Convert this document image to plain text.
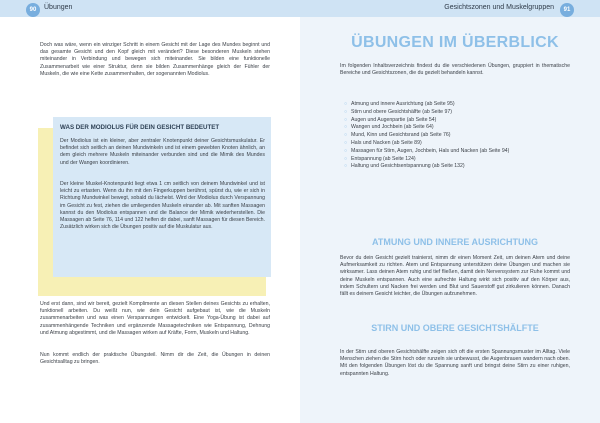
90	Übungen

Doch was wäre, wenn ein winziger Schritt in einem Gesicht mit der Lage des Mundes beginnt und das gesamte Gesicht und den Kopf gleich mit verändert? Diese besonderen Muskeln stehen miteinander in Verbindung und bewegen sich miteinander. Sie bilden eine funktionelle Zusammenarbeit wie einer Struktur, denn sie bilden Zusammenhänge gleich der Fühler der Muskeln, die wie eine Kette zusammenhalten, der sogenannten Modiolus.

WAS DER MODIOLUS FÜR DEIN GESICHT BEDEUTET

Der Modiolus ist ein kleiner, aber zentraler Knotenpunkt deiner Gesichtsmuskulatur. Er befindet sich seitlich an deinen Mundwinkeln und ist einem gewebten Knoten ähnlich, an dem gleich mehrere Muskeln miteinander verbunden sind und die Mimik des Mundes und der Wangen koordinieren.

Der kleine Muskel-Knotenpunkt liegt etwa 1 cm seitlich von deinem Mundwinkel und ist leicht zu ertasten. Wenn du ihn mit den Fingerkuppen berührst, spürst du, wie er sich in Richtung Mundwinkel bewegt, sobald du lächelst. Wird der Modiolus durch Verspannung im Gesicht zu fest, ziehen die umliegenden Muskeln einander ab. Mit sanften Massagen kannst du den Modiolus entspannen und die Balance der Mimik wiederherstellen. Die Massagen ab Seite 76, 114 und 122 helfen dir dabei, sanft Massagen für diesen Bereich. Zusätzlich wirken sich die Übungen positiv auf die Muskulatur aus.

Und erst dann, sind wir bereit, gezielt Komplimente an diesen Stellen deines Gesichts zu erhalten, funktionell arbeiten. Du weißt nun, wie dein Gesicht aufgebaut ist, wie die Muskeln zusammenarbeiten und was einen Verspannungen entwickelt. Eine Yoga-Übung ist dabei auf zusammenhängende Techniken und ergänzende Massagetechniken wie Entspannung, Dehnung und Atmung abgestimmt, und die Massagen wirken auf Kräfte, Form, Muskeln und Haltung.

Nun kommt endlich der praktische Übungsteil. Nimm dir die Zeit, die Übungen in deinen Gesichtsalltag zu bringen.

Gesichtszonen und Muskelgruppen	91
ÜBUNGEN IM ÜBERBLICK

Im folgenden Inhaltsverzeichnis findest du die verschiedenen Übungen, gruppiert in thematische Bereiche und Gesichtszonen, die du gezielt behandeln kannst.

○ Atmung und innere Ausrichtung (ab Seite 95)
○ Stirn und obere Gesichtshälfte (ab Seite 97)
○ Augen und Augenpartie (ab Seite 54)
○ Wangen und Jochbein (ab Seite 64)
○ Mund, Kinn und Gesichtsrand (ab Seite 76)
○ Hals und Nacken (ab Seite 89)
○ Massagen für Stirn, Augen, Jochbein, Hals und Nacken (ab Seite 94)
○ Entspannung (ab Seite 124)
○ Haltung und Gesichtsentspannung (ab Seite 132)
ATMUNG UND INNERE AUSRICHTUNG

Bevor du dein Gesicht gezielt trainierst, nimm dir einen Moment Zeit, um deinen Atem und deine Aufmerksamkeit zu richten. Atem und Entspannung unterstützen deine Übungen und machen sie wirksamer. Lass deinen Atem ruhig und tief fließen, damit dein Nervensystem zur Ruhe kommt und deine Muskeln entspannen. Auch eine aufrechte Haltung wirkt sich positiv auf den Körper aus, indem Schultern und Nacken frei werden und Blut und Sauerstoff gut zirkulieren können. Danach fällt es deinem Gesicht leichter, die Übungen aufzunehmen.

STIRN UND OBERE GESICHTSHÄLFTE

In der Stirn und oberen Gesichtshälfte zeigen sich oft die ersten Spannungsmuster im Alltag. Viele Menschen ziehen die Stirn hoch oder runzeln sie unbewusst, die Augenbrauen wandern nach oben. Mit den folgenden Übungen löst du die Spannung sanft und bringst deine Stirn zu einer ruhigen, entspannten Haltung.
